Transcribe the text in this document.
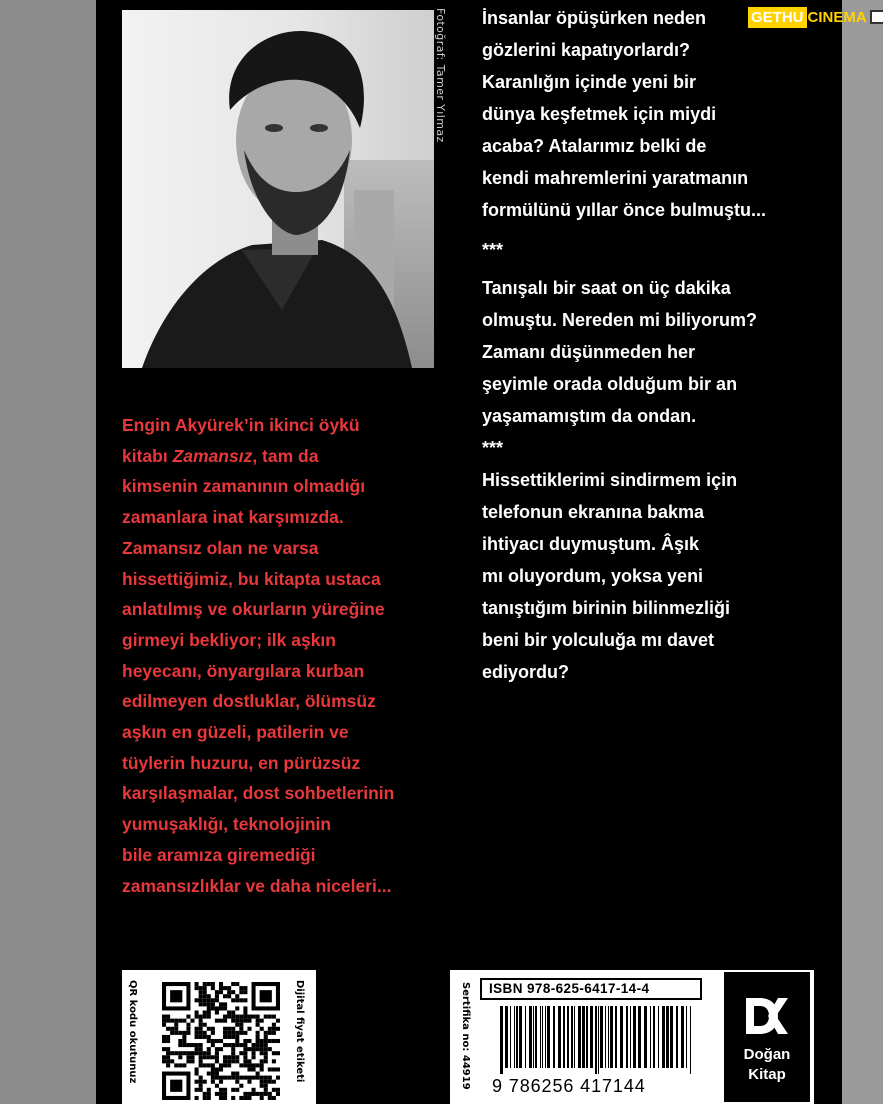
Fotoğraf: Tamer Yılmaz	GETHU CINEMA

İnsanlar öpüşürken neden

gözlerini kapatıyorlardı?

Karanlığın içinde yeni bir

dünya keşfetmek için miydi

acaba? Atalarımız belki de

kendi mahremlerini yaratmanın

formülünü yıllar önce bulmuştu...

***

Tanışalı bir saat on üç dakika

olmuştu. Nereden mi biliyorum?

Zamanı düşünmeden her

şeyimle orada olduğum bir an

yaşamamıştım da ondan.

***

Hissettiklerimi sindirmem için

telefonun ekranına bakma

ihtiyacı duymuştum. Âşık

mı oluyordum, yoksa yeni

tanıştığım birinin bilinmezliği

beni bir yolculuğa mı davet

ediyordu?

Engin Akyürek’in ikinci öykü

kitabı Zamansız, tam da

kimsenin zamanının olmadığı

zamanlara inat karşımızda.

Zamansız olan ne varsa

hissettiğimiz, bu kitapta ustaca

anlatılmış ve okurların yüreğine

girmeyi bekliyor; ilk aşkın

heyecanı, önyargılara kurban

edilmeyen dostluklar, ölümsüz

aşkın en güzeli, patilerin ve

tüylerin huzuru, en pürüzsüz

karşılaşmalar, dost sohbetlerinin

yumuşaklığı, teknolojinin

bile aramıza giremediği

zamansızlıklar ve daha niceleri...

QR kodu okutunuz	Dijital fiyat etiketi	Sertifika no: 44919	ISBN 978-625-6417-14-4
9 786256 417144
Doğan
Kitap
